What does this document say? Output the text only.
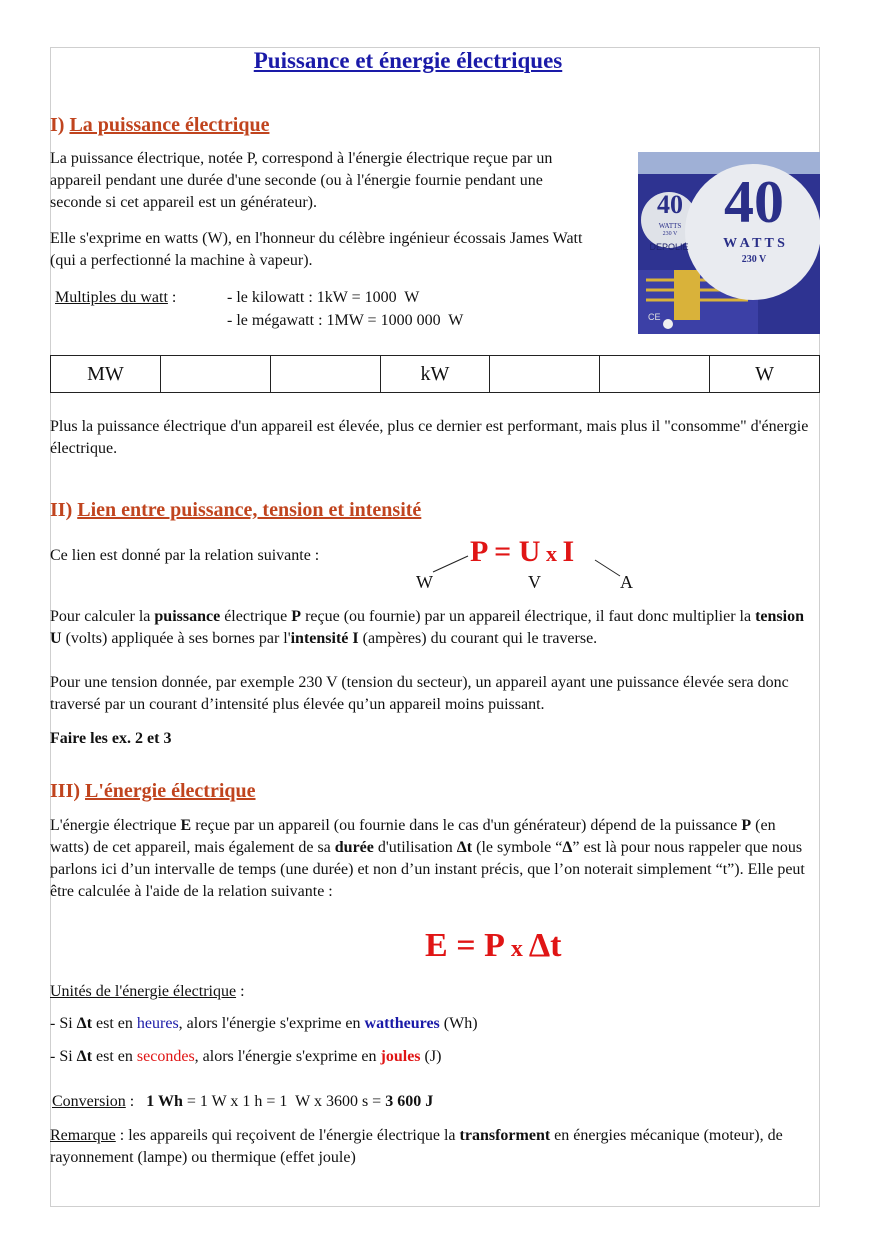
Puissance et énergie électriques
I) La puissance électrique

La puissance électrique, notée P, correspond à l'énergie électrique reçue par un appareil pendant une durée d'une seconde (ou à l'énergie fournie pendant une seconde si cet appareil est un générateur).

Elle s'exprime en watts (W), en l'honneur du célèbre ingénieur écossais James Watt (qui a perfectionné la machine à vapeur).

Multiples du watt :	- le kilowatt : 1kW = 1000  W
- le mégawatt : 1MW = 1000 000  W
40
WATTS
230 V
DEPOLIE
40
W A T T S
230 V
CE
MW			kW			W

Plus la puissance électrique d'un appareil est élevée, plus ce dernier est performant, mais plus il "consomme" d'énergie électrique.

II) Lien entre puissance, tension et intensité
Ce lien est donné par la relation suivante :	P = U x I
W	V	A

Pour calculer la puissance électrique P reçue (ou fournie) par un appareil électrique, il faut donc multiplier la tension U (volts) appliquée à ses bornes par l'intensité I (ampères) du courant qui le traverse.

Pour une tension donnée, par exemple 230 V (tension du secteur), un appareil ayant une puissance élevée sera donc traversé par un courant d’intensité plus élevée qu’un appareil moins puissant.

Faire les ex. 2 et 3
III) L'énergie électrique

L'énergie électrique E reçue par un appareil (ou fournie dans le cas d'un générateur) dépend de la puissance P (en watts) de cet appareil, mais également de sa durée d'utilisation Δt (le symbole “Δ” est là pour nous rappeler que nous parlons ici d’un intervalle de temps (une durée) et non d’un instant précis, que l’on noterait simplement “t”). Elle peut être calculée à l'aide de la relation suivante :

E = P x Δt
Unités de l'énergie électrique :
- Si Δt est en heures, alors l'énergie s'exprime en wattheures (Wh)
- Si Δt est en secondes, alors l'énergie s'exprime en joules (J)
Conversion :   1 Wh = 1 W x 1 h = 1  W x 3600 s = 3 600 J

Remarque : les appareils qui reçoivent de l'énergie électrique la transforment en énergies mécanique (moteur), de rayonnement (lampe) ou thermique (effet joule)
